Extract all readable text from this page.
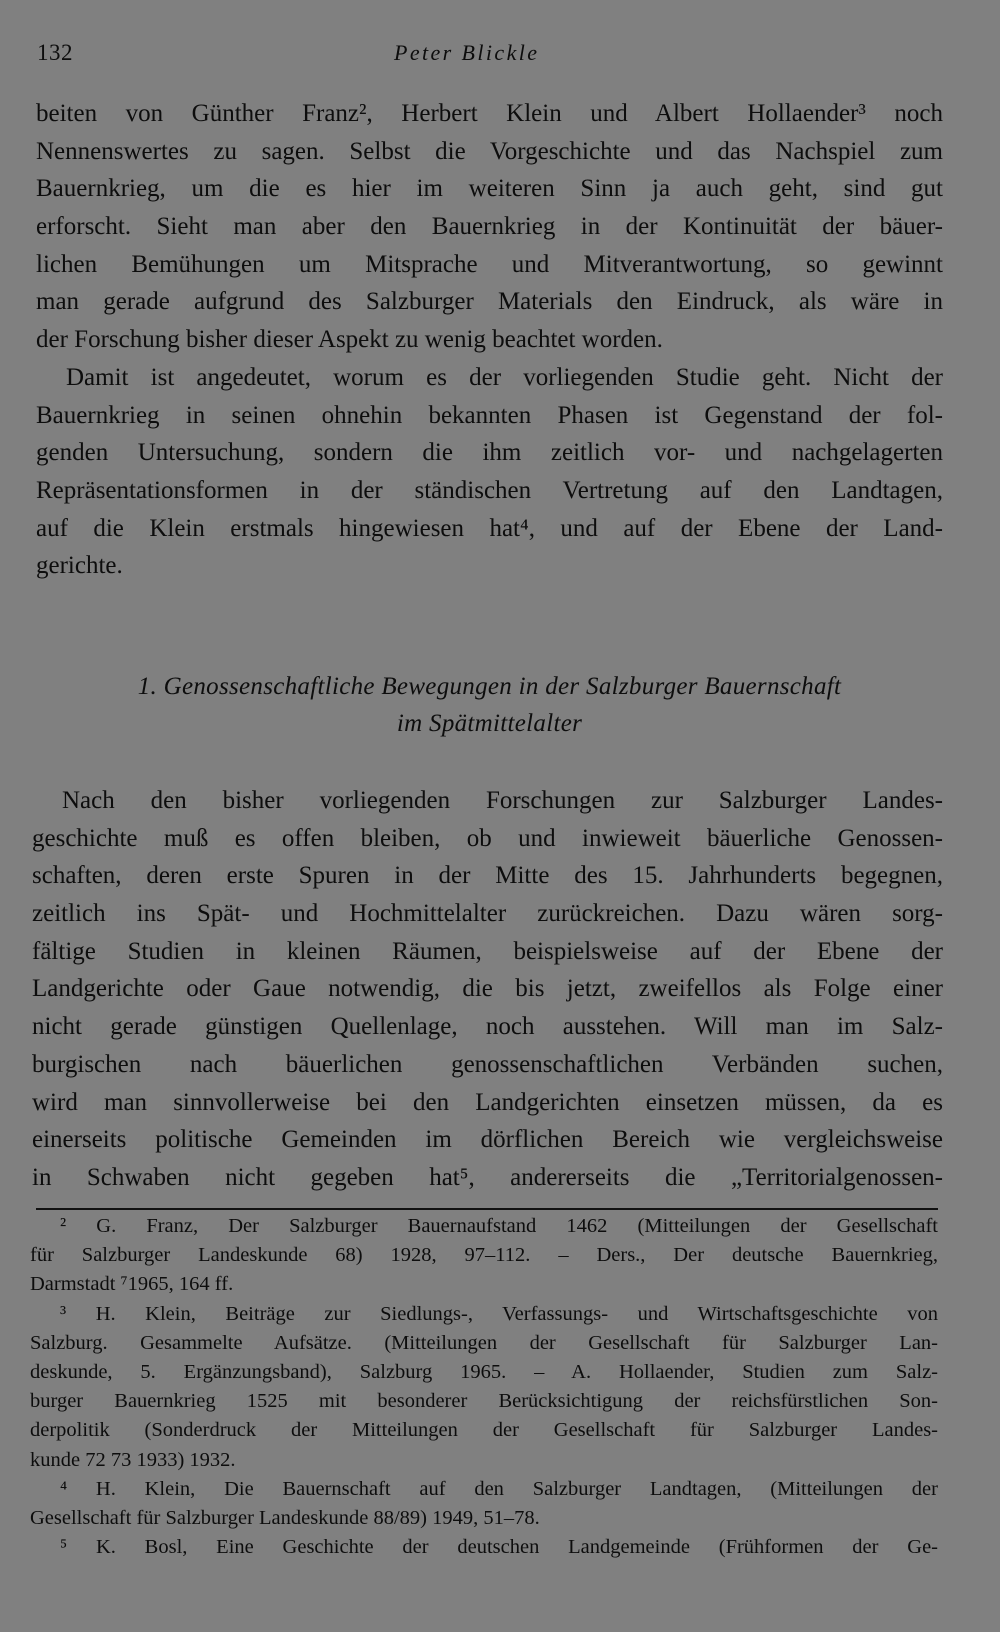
132	Peter Blickle
beiten von Günther Franz², Herbert Klein und Albert Hollaender³ noch
Nennenswertes zu sagen. Selbst die Vorgeschichte und das Nachspiel zum
Bauernkrieg, um die es hier im weiteren Sinn ja auch geht, sind gut
erforscht. Sieht man aber den Bauernkrieg in der Kontinuität der bäuer-
lichen Bemühungen um Mitsprache und Mitverantwortung, so gewinnt
man gerade aufgrund des Salzburger Materials den Eindruck, als wäre in
der Forschung bisher dieser Aspekt zu wenig beachtet worden.
Damit ist angedeutet, worum es der vorliegenden Studie geht. Nicht der
Bauernkrieg in seinen ohnehin bekannten Phasen ist Gegenstand der fol-
genden Untersuchung, sondern die ihm zeitlich vor- und nachgelagerten
Repräsentationsformen in der ständischen Vertretung auf den Landtagen,
auf die Klein erstmals hingewiesen hat⁴, und auf der Ebene der Land-
gerichte.
1. Genossenschaftliche Bewegungen in der Salzburger Bauernschaft
im Spätmittelalter
Nach den bisher vorliegenden Forschungen zur Salzburger Landes-
geschichte muß es offen bleiben, ob und inwieweit bäuerliche Genossen-
schaften, deren erste Spuren in der Mitte des 15. Jahrhunderts begegnen,
zeitlich ins Spät- und Hochmittelalter zurückreichen. Dazu wären sorg-
fältige Studien in kleinen Räumen, beispielsweise auf der Ebene der
Landgerichte oder Gaue notwendig, die bis jetzt, zweifellos als Folge einer
nicht gerade günstigen Quellenlage, noch ausstehen. Will man im Salz-
burgischen nach bäuerlichen genossenschaftlichen Verbänden suchen,
wird man sinnvollerweise bei den Landgerichten einsetzen müssen, da es
einerseits politische Gemeinden im dörflichen Bereich wie vergleichsweise
in Schwaben nicht gegeben hat⁵, andererseits die „Territorialgenossen-
² G. Franz, Der Salzburger Bauernaufstand 1462 (Mitteilungen der Gesellschaft
für Salzburger Landeskunde 68) 1928, 97–112. – Ders., Der deutsche Bauernkrieg,
Darmstadt ⁷1965, 164 ff.
³ H. Klein, Beiträge zur Siedlungs-, Verfassungs- und Wirtschaftsgeschichte von
Salzburg. Gesammelte Aufsätze. (Mitteilungen der Gesellschaft für Salzburger Lan-
deskunde, 5. Ergänzungsband), Salzburg 1965. – A. Hollaender, Studien zum Salz-
burger Bauernkrieg 1525 mit besonderer Berücksichtigung der reichsfürstlichen Son-
derpolitik (Sonderdruck der Mitteilungen der Gesellschaft für Salzburger Landes-
kunde 72 73 1933) 1932.
⁴ H. Klein, Die Bauernschaft auf den Salzburger Landtagen, (Mitteilungen der
Gesellschaft für Salzburger Landeskunde 88/89) 1949, 51–78.
⁵ K. Bosl, Eine Geschichte der deutschen Landgemeinde (Frühformen der Ge-
